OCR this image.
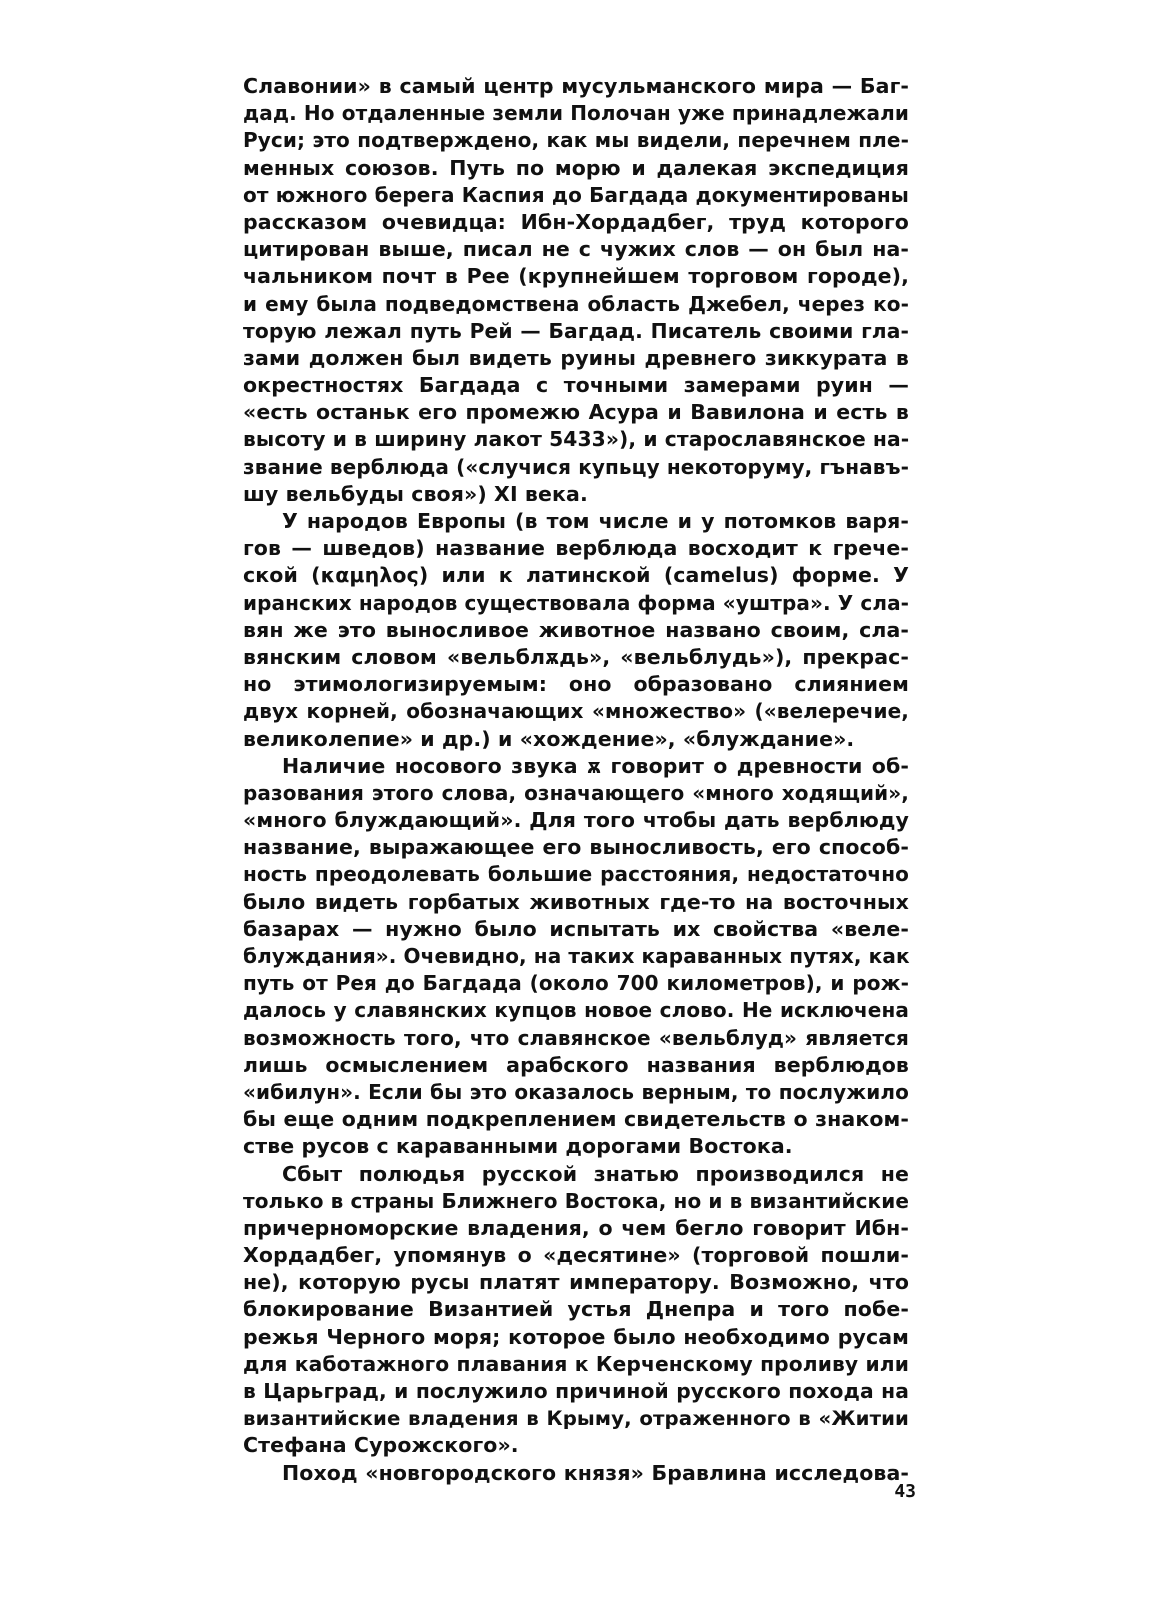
Славонии» в самый центр мусульманского мира — Баг-
дад. Но отдаленные земли Полочан уже принадлежали
Руси; это подтверждено, как мы видели, перечнем пле-
менных союзов. Путь по морю и далекая экспедиция
от южного берега Каспия до Багдада документированы
рассказом очевидца: Ибн-Хордадбег, труд которого
цитирован выше, писал не с чужих слов — он был на-
чальником почт в Рее (крупнейшем торговом городе),
и ему была подведомствена область Джебел, через ко-
торую лежал путь Рей — Багдад. Писатель своими гла-
зами должен был видеть руины древнего зиккурата в
окрестностях Багдада с точными замерами руин —
«есть останьк его промежю Асура и Вавилона и есть в
высоту и в ширину лакот 5433»), и старославянское на-
звание верблюда («случися купьцу некоторуму, гънавъ-
шу вельбуды своя») XI века.
У народов Европы (в том числе и у потомков варя-
гов — шведов) название верблюда восходит к грече-
ской (καμηλος) или к латинской (camelus) форме. У
иранских народов существовала форма «уштра». У сла-
вян же это выносливое животное названо своим, сла-
вянским словом «вельблѫдь», «вельблудь»), прекрас-
но этимологизируемым: оно образовано слиянием
двух корней, обозначающих «множество» («велеречие,
великолепие» и др.) и «хождение», «блуждание».
Наличие носового звука ѫ говорит о древности об-
разования этого слова, означающего «много ходящий»,
«много блуждающий». Для того чтобы дать верблюду
название, выражающее его выносливость, его способ-
ность преодолевать большие расстояния, недостаточно
было видеть горбатых животных где-то на восточных
базарах — нужно было испытать их свойства «веле-
блуждания». Очевидно, на таких караванных путях, как
путь от Рея до Багдада (около 700 километров), и рож-
далось у славянских купцов новое слово. Не исключена
возможность того, что славянское «вельблуд» является
лишь осмыслением арабского названия верблюдов
«ибилун». Если бы это оказалось верным, то послужило
бы еще одним подкреплением свидетельств о знаком-
стве русов с караванными дорогами Востока.
Сбыт полюдья русской знатью производился не
только в страны Ближнего Востока, но и в византийские
причерноморские владения, о чем бегло говорит Ибн-
Хордадбег, упомянув о «десятине» (торговой пошли-
не), которую русы платят императору. Возможно, что
блокирование Византией устья Днепра и того побе-
режья Черного моря; которое было необходимо русам
для каботажного плавания к Керченскому проливу или
в Царьград, и послужило причиной русского похода на
византийские владения в Крыму, отраженного в «Житии
Стефана Сурожского».
Поход «новгородского князя» Бравлина исследова-
43
